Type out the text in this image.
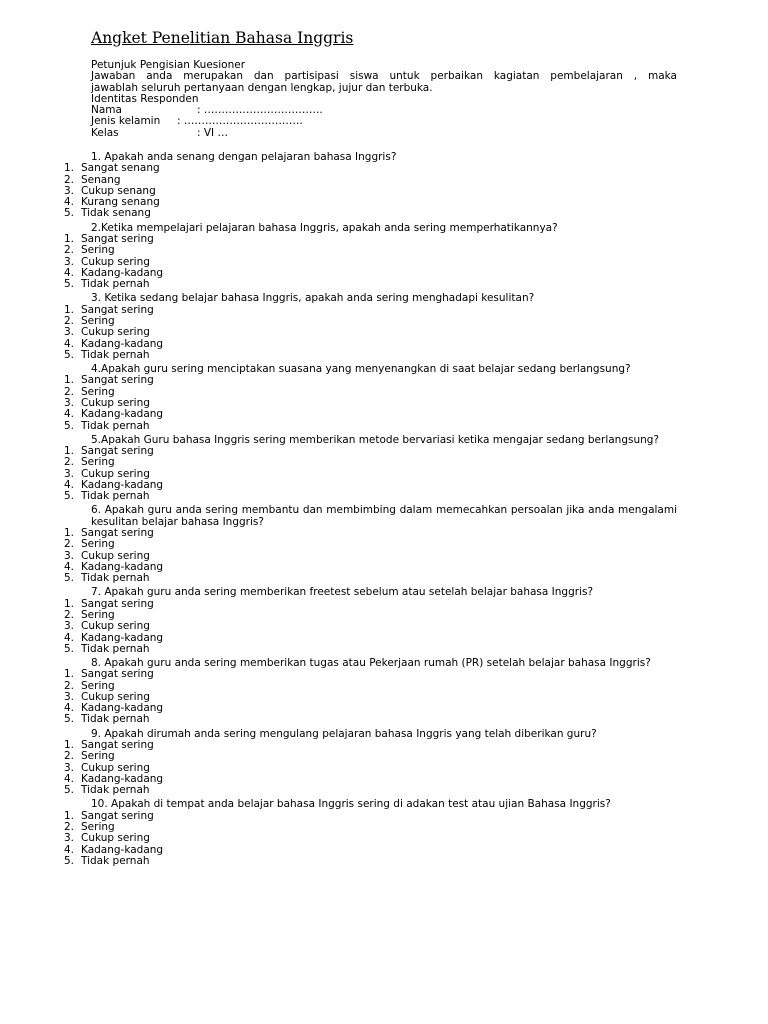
Angket Penelitian Bahasa Inggris
Petunjuk Pengisian Kuesioner
Jawaban anda merupakan dan partisipasi siswa untuk perbaikan kagiatan pembelajaran , maka
jawablah seluruh pertanyaan dengan lengkap, jujur dan terbuka.
Identitas Responden
Nama	: …………………………….
Jenis kelamin	: …………………………….
Kelas	: VI …
1. Apakah anda senang dengan pelajaran bahasa Inggris?
1. Sangat senang
2. Senang
3. Cukup senang
4. Kurang senang
5. Tidak senang
2.Ketika mempelajari pelajaran bahasa Inggris, apakah anda sering memperhatikannya?
1. Sangat sering
2. Sering
3. Cukup sering
4. Kadang-kadang
5. Tidak pernah
3. Ketika sedang belajar bahasa Inggris, apakah anda sering menghadapi kesulitan?
1. Sangat sering
2. Sering
3. Cukup sering
4. Kadang-kadang
5. Tidak pernah
4.Apakah guru sering menciptakan suasana yang menyenangkan di saat belajar sedang berlangsung?
1. Sangat sering
2. Sering
3. Cukup sering
4. Kadang-kadang
5. Tidak pernah
5.Apakah Guru bahasa Inggris sering memberikan metode bervariasi ketika mengajar sedang berlangsung?
1. Sangat sering
2. Sering
3. Cukup sering
4. Kadang-kadang
5. Tidak pernah
6. Apakah guru anda sering membantu dan membimbing dalam memecahkan persoalan jika anda mengalami kesulitan belajar bahasa Inggris?
1. Sangat sering
2. Sering
3. Cukup sering
4. Kadang-kadang
5. Tidak pernah
7. Apakah guru anda sering memberikan freetest sebelum atau setelah belajar bahasa Inggris?
1. Sangat sering
2. Sering
3. Cukup sering
4. Kadang-kadang
5. Tidak pernah
8. Apakah guru anda sering memberikan tugas atau Pekerjaan rumah (PR) setelah belajar bahasa Inggris?
1. Sangat sering
2. Sering
3. Cukup sering
4. Kadang-kadang
5. Tidak pernah
9. Apakah dirumah anda sering mengulang pelajaran bahasa Inggris yang telah diberikan guru?
1. Sangat sering
2. Sering
3. Cukup sering
4. Kadang-kadang
5. Tidak pernah
10. Apakah di tempat anda belajar bahasa Inggris sering di adakan test atau ujian Bahasa Inggris?
1. Sangat sering
2. Sering
3. Cukup sering
4. Kadang-kadang
5. Tidak pernah
